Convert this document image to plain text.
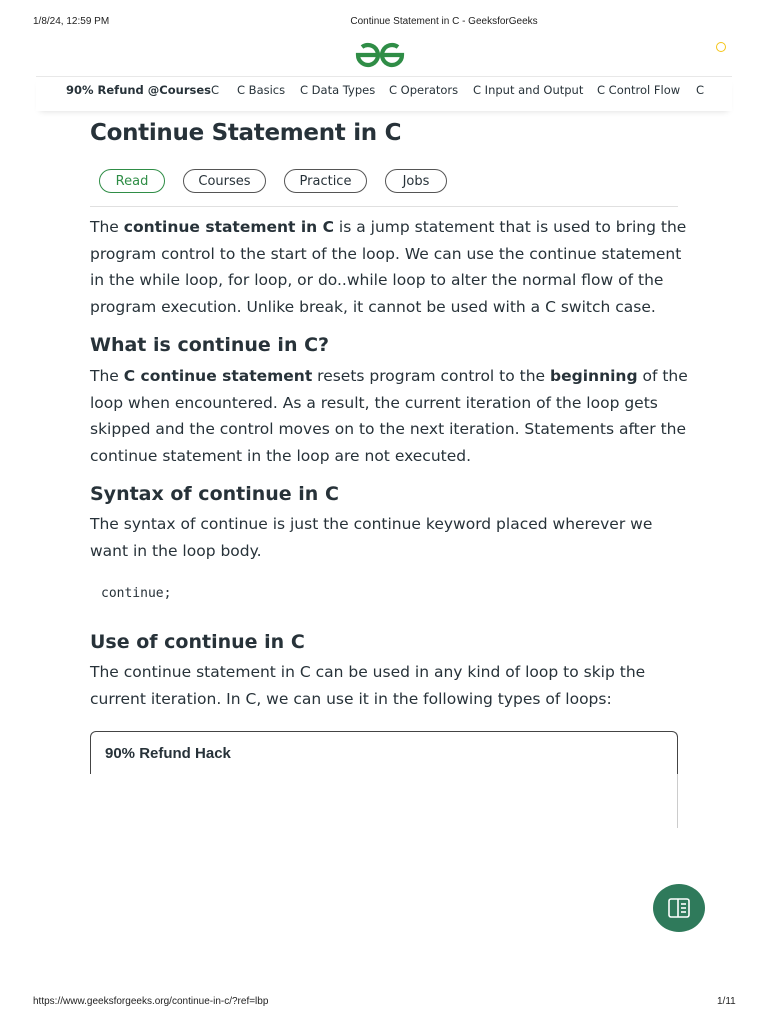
1/8/24, 12:59 PM	Continue Statement in C - GeeksforGeeks
90% Refund @Courses C C Basics C Data Types C Operators C Input and Output C Control Flow C
Continue Statement in C
Read	Courses	Practice	Jobs

The continue statement in C is a jump statement that is used to bring the program control to the start of the loop. We can use the continue statement in the while loop, for loop, or do..while loop to alter the normal flow of the program execution. Unlike break, it cannot be used with a C switch case.

What is continue in C?

The C continue statement resets program control to the beginning of the loop when encountered. As a result, the current iteration of the loop gets skipped and the control moves on to the next iteration. Statements after the continue statement in the loop are not executed.

Syntax of continue in C

The syntax of continue is just the continue keyword placed wherever we want in the loop body.

continue;
Use of continue in C

The continue statement in C can be used in any kind of loop to skip the current iteration. In C, we can use it in the following types of loops:

90% Refund Hack
https://www.geeksforgeeks.org/continue-in-c/?ref=lbp	1/11
